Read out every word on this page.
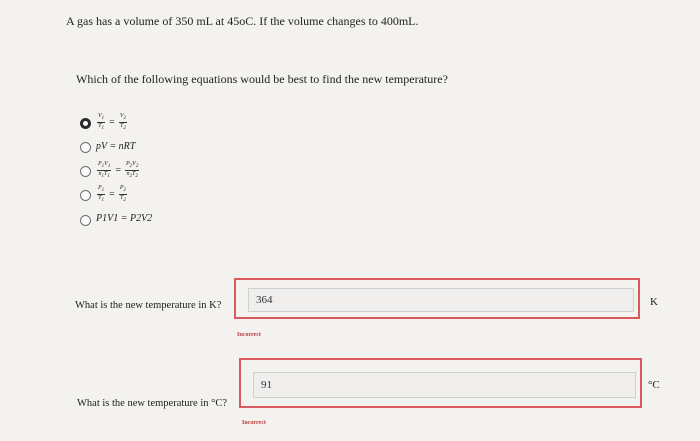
A gas has a volume of 350 mL at 45oC. If the volume changes to 400mL.
Which of the following equations would be best to find the new temperature?
$\frac{V_1}{T_1} = \frac{V_2}{T_2}$
pV = nRT
$\frac{P_1V_1}{n_1T_1} = \frac{P_2V_2}{n_2T_2}$
$\frac{P_1}{T_1} = \frac{P_2}{T_2}$
P1V1 = P2V2
What is the new temperature in K?
364	K
Incorrect
What is the new temperature in °C?
91
°C
Incorrect
